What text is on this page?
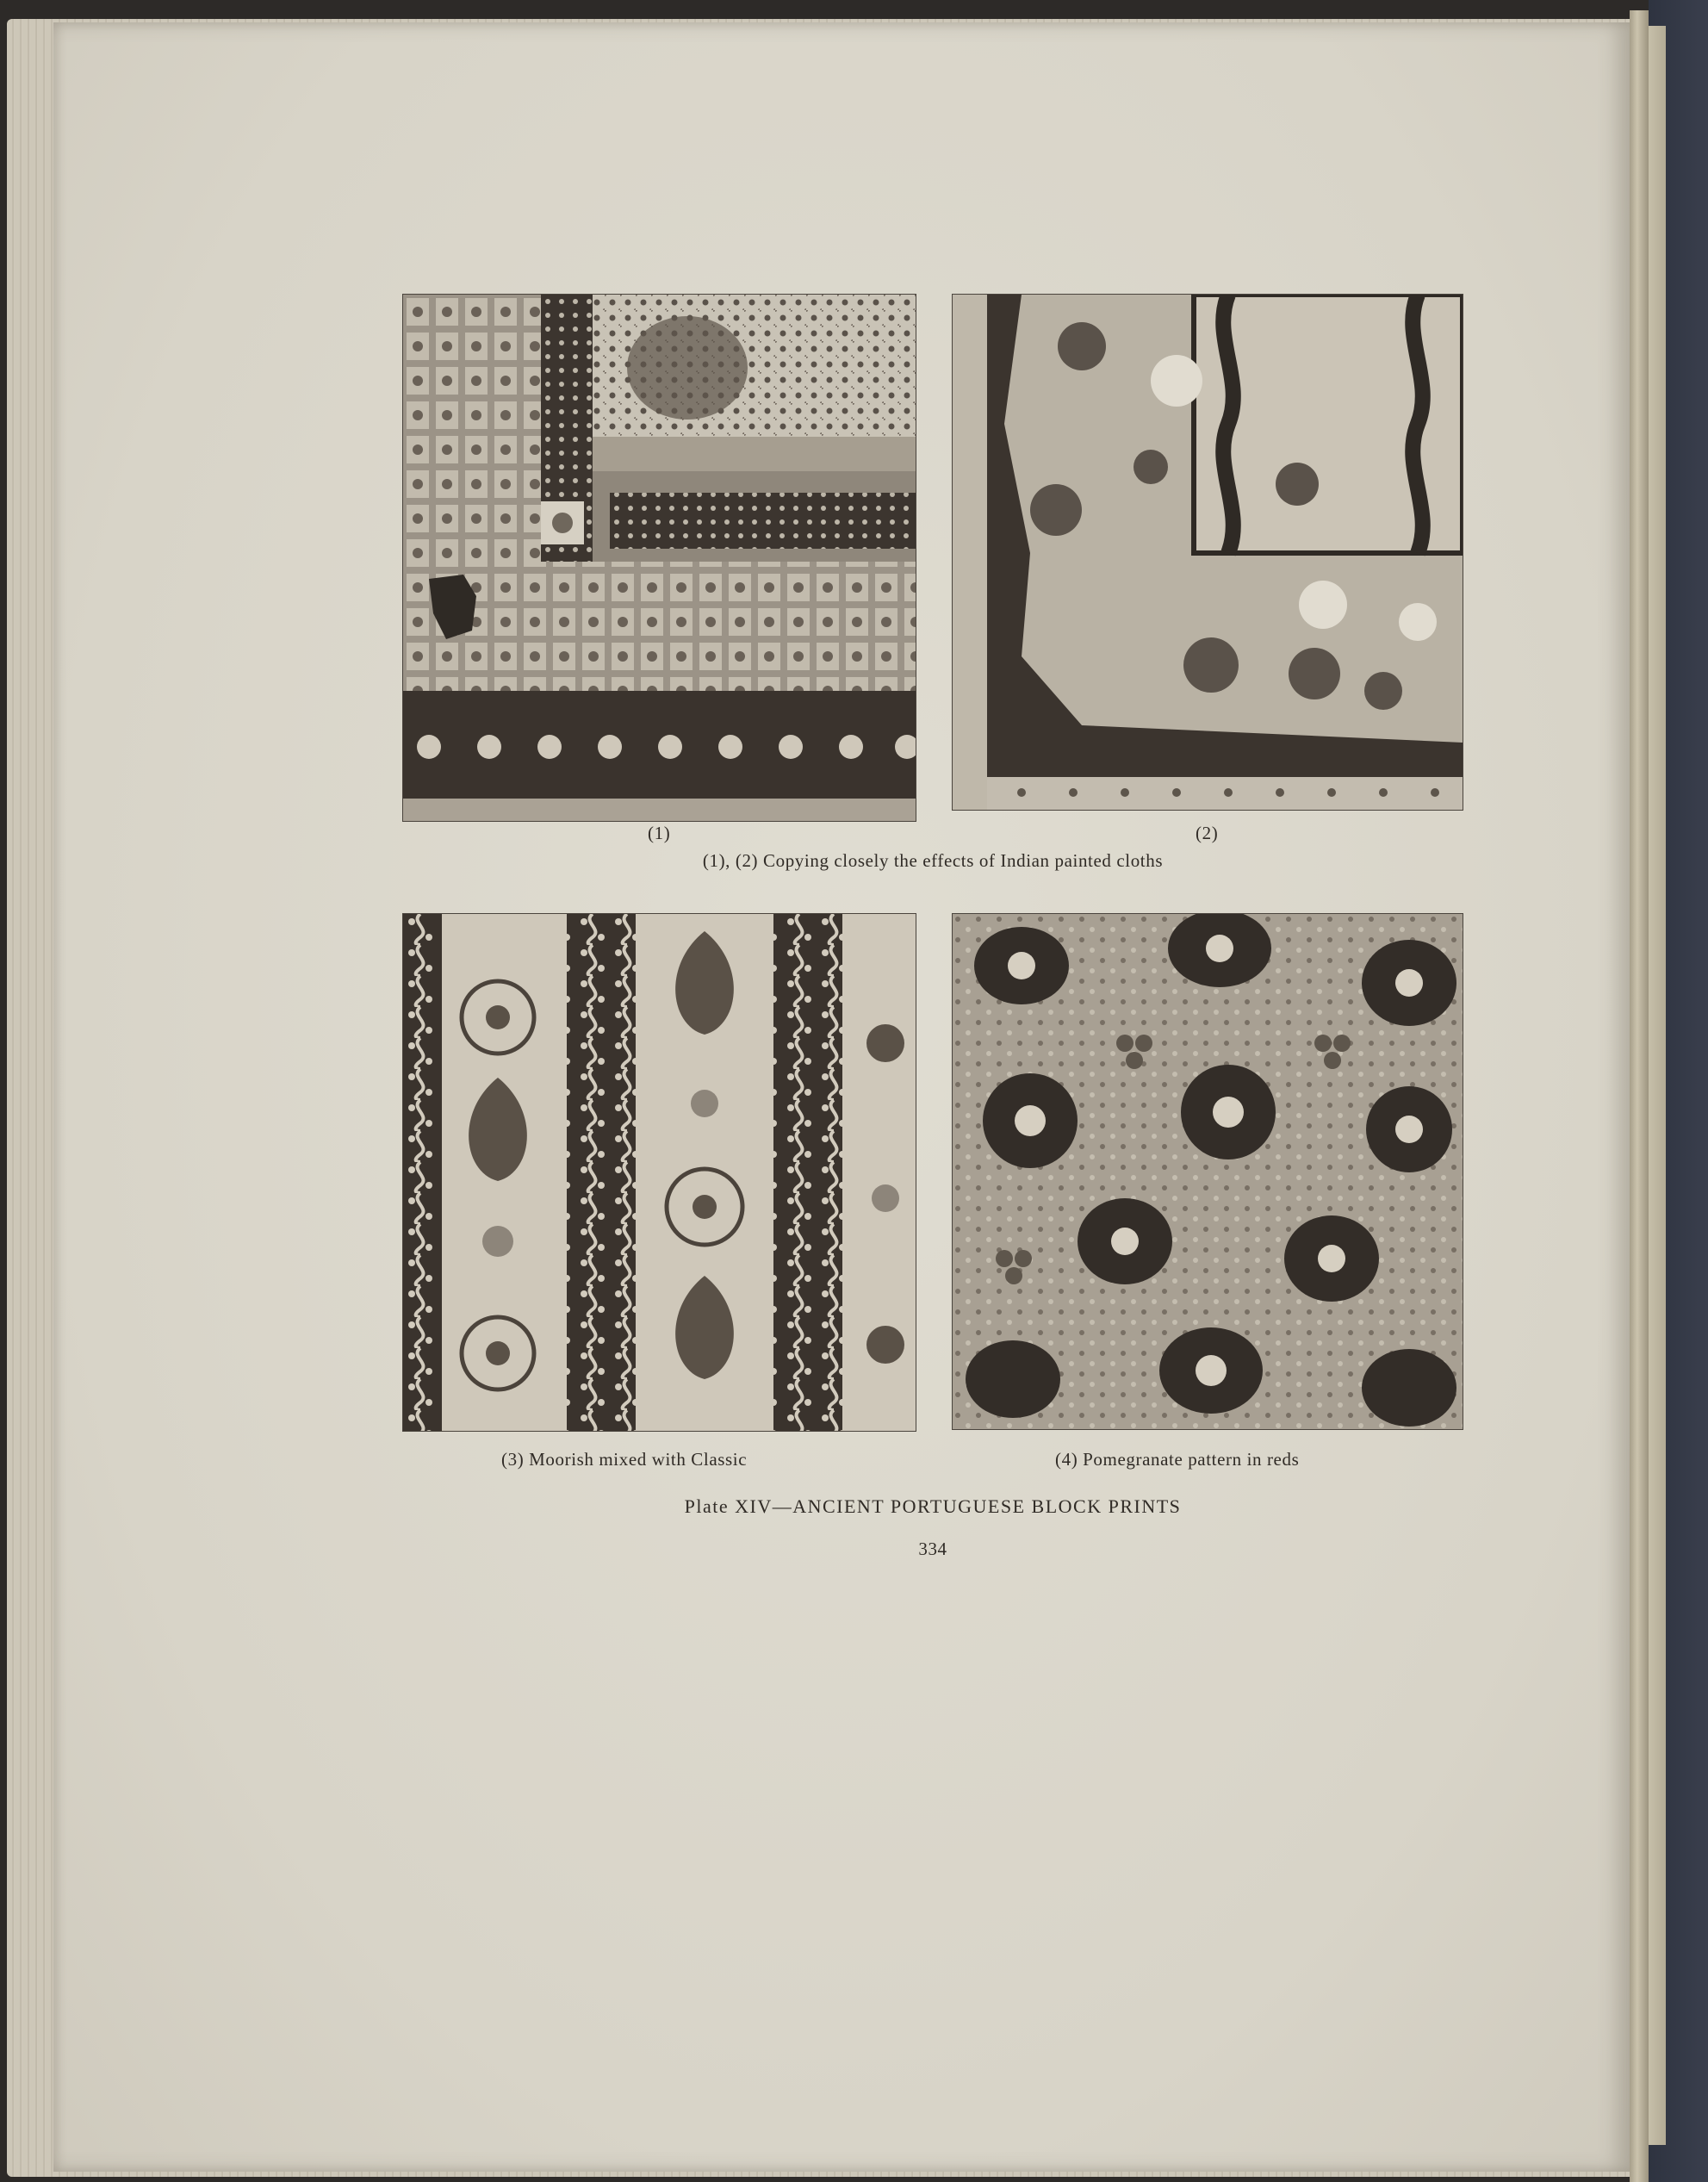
(1)	(2)
(1), (2) Copying closely the effects of Indian painted cloths
(3) Moorish mixed with Classic	(4) Pomegranate pattern in reds
Plate XIV—ANCIENT PORTUGUESE BLOCK PRINTS
334
